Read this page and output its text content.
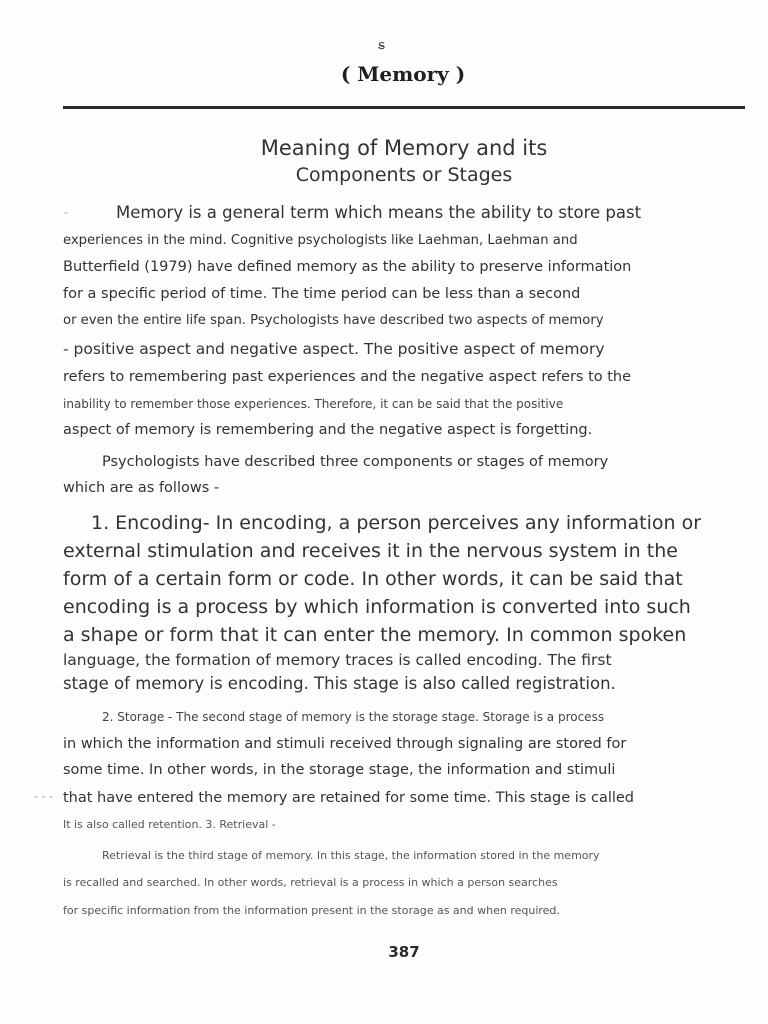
ಽ
( Memory )
Meaning of Memory and its
Components or Stages
Memory is a general term which means the ability to store past
experiences in the mind. Cognitive psychologists like Laehman, Laehman and
Butterfield (1979) have defined memory as the ability to preserve information
for a specific period of time. The time period can be less than a second
or even the entire life span. Psychologists have described two aspects of memory
- positive aspect and negative aspect. The positive aspect of memory
refers to remembering past experiences and the negative aspect refers to the
inability to remember those experiences. Therefore, it can be said that the positive
aspect of memory is remembering and the negative aspect is forgetting.
Psychologists have described three components or stages of memory
which are as follows -
1. Encoding- In encoding, a person perceives any information or
external stimulation and receives it in the nervous system in the
form of a certain form or code. In other words, it can be said that
encoding is a process by which information is converted into such
a shape or form that it can enter the memory. In common spoken
language, the formation of memory traces is called encoding. The first
stage of memory is encoding. This stage is also called registration.
2. Storage - The second stage of memory is the storage stage. Storage is a process
in which the information and stimuli received through signaling are stored for
some time. In other words, in the storage stage, the information and stimuli
that have entered the memory are retained for some time. This stage is called
It is also called retention. 3. Retrieval -
Retrieval is the third stage of memory. In this stage, the information stored in the memory
is recalled and searched. In other words, retrieval is a process in which a person searches
for specific information from the information present in the storage as and when required.
- - -
-
387
